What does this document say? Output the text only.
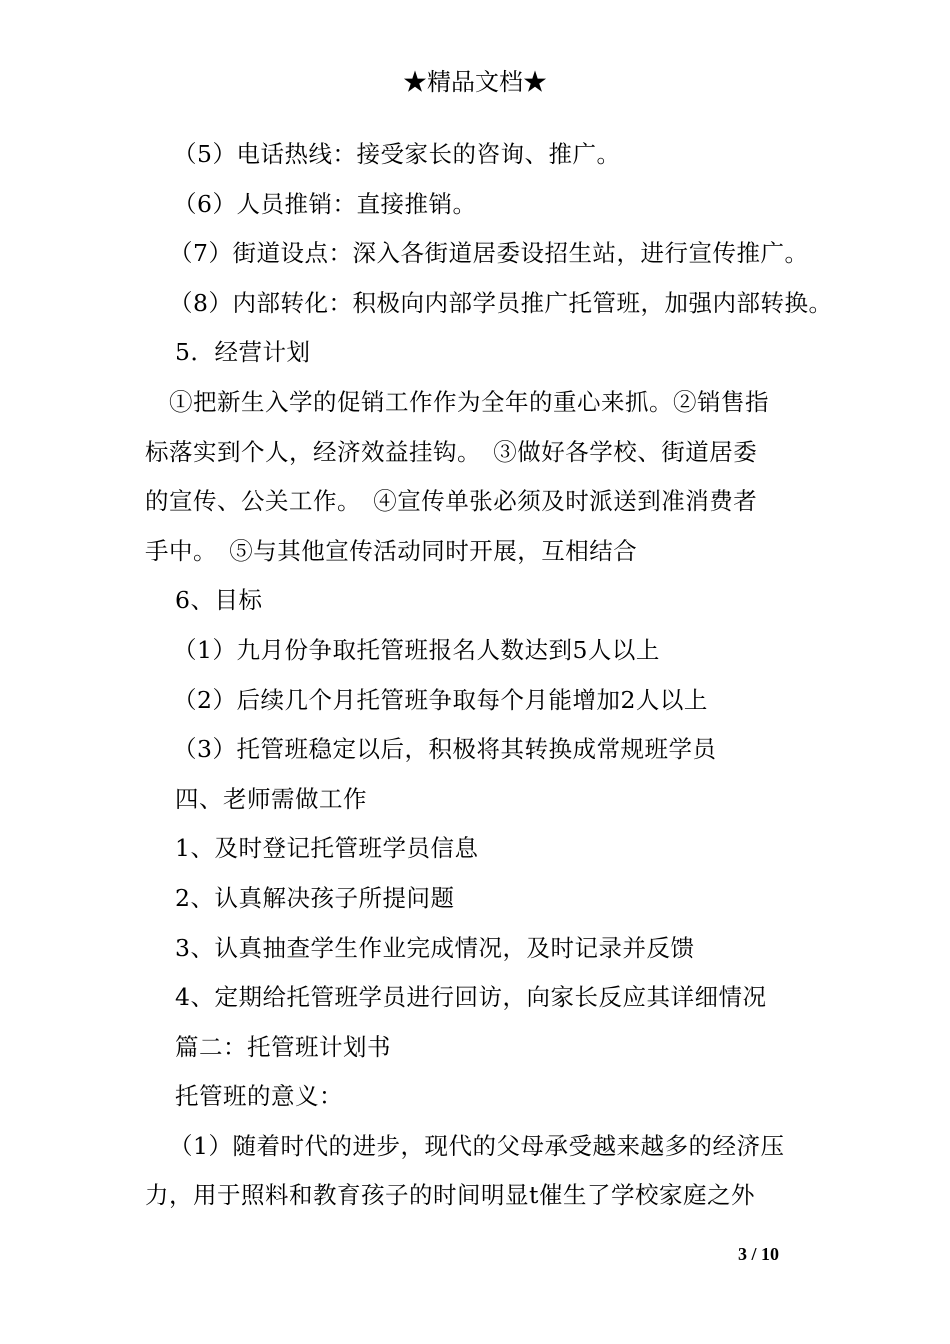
★精品文档★
（5）电话热线：接受家长的咨询、推广。
（6）人员推销：直接推销。
（7）街道设点：深入各街道居委设招生站，进行宣传推广。
（8）内部转化：积极向内部学员推广托管班，加强内部转换。
5．经营计划
①把新生入学的促销工作作为全年的重心来抓。②销售指
标落实到个人，经济效益挂钩。　③做好各学校、街道居委
的宣传、公关工作。　④宣传单张必须及时派送到准消费者
手中。　⑤与其他宣传活动同时开展，互相结合
6、目标
（1）九月份争取托管班报名人数达到5人以上
（2）后续几个月托管班争取每个月能增加2人以上
（3）托管班稳定以后，积极将其转换成常规班学员
四、老师需做工作
1、及时登记托管班学员信息
2、认真解决孩子所提问题
3、认真抽查学生作业完成情况，及时记录并反馈
4、定期给托管班学员进行回访，向家长反应其详细情况
篇二：托管班计划书
托管班的意义：
（1）随着时代的进步，现代的父母承受越来越多的经济压
力，用于照料和教育孩子的时间明显t催生了学校家庭之外
3 / 10
